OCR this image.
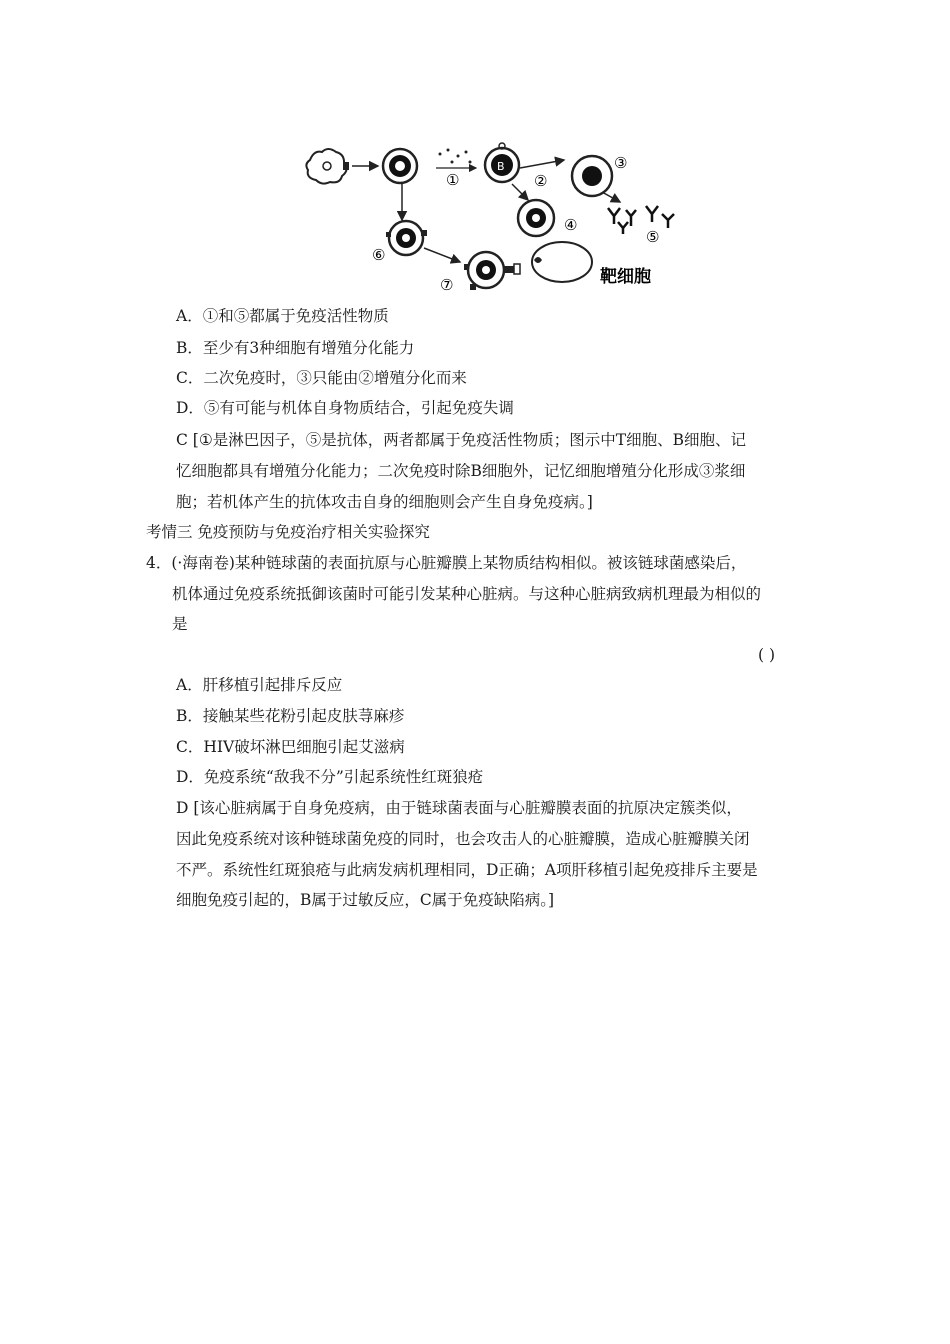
①
B
②
③
⑤
④
⑥
⑦	靶细胞
A．①和⑤都属于免疫活性物质
B．至少有3种细胞有增殖分化能力
C．二次免疫时，③只能由②增殖分化而来
D．⑤有可能与机体自身物质结合，引起免疫失调
C [①是淋巴因子，⑤是抗体，两者都属于免疫活性物质；图示中T细胞、B细胞、记
忆细胞都具有增殖分化能力；二次免疫时除B细胞外，记忆细胞增殖分化形成③浆细
胞；若机体产生的抗体攻击自身的细胞则会产生自身免疫病。]
考情三 免疫预防与免疫治疗相关实验探究
4．(·海南卷)某种链球菌的表面抗原与心脏瓣膜上某物质结构相似。被该链球菌感染后，
机体通过免疫系统抵御该菌时可能引发某种心脏病。与这种心脏病致病机理最为相似的
是
( )
A．肝移植引起排斥反应
B．接触某些花粉引起皮肤荨麻疹
C．HIV破坏淋巴细胞引起艾滋病
D．免疫系统“敌我不分”引起系统性红斑狼疮
D [该心脏病属于自身免疫病，由于链球菌表面与心脏瓣膜表面的抗原决定簇类似，
因此免疫系统对该种链球菌免疫的同时，也会攻击人的心脏瓣膜，造成心脏瓣膜关闭
不严。系统性红斑狼疮与此病发病机理相同，D正确；A项肝移植引起免疫排斥主要是
细胞免疫引起的，B属于过敏反应，C属于免疫缺陷病。]
